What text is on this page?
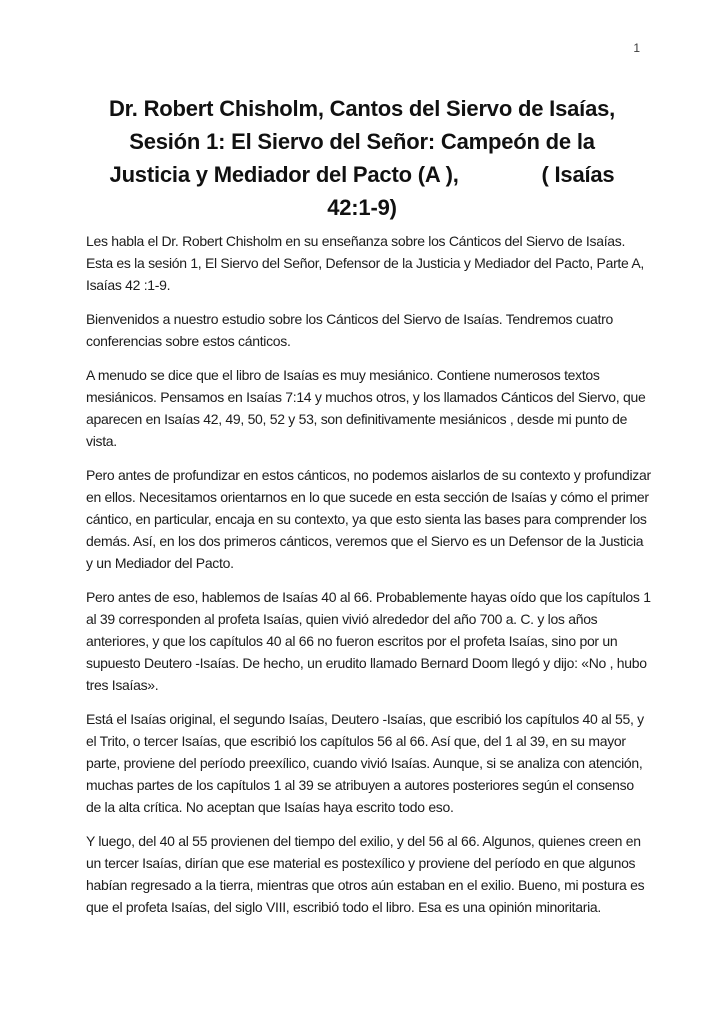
1
Dr. Robert Chisholm, Cantos del Siervo de Isaías,
Sesión 1: El Siervo del Señor: Campeón de la
Justicia y Mediador del Pacto (A ),              ( Isaías
42:1-9)

Les habla el Dr. Robert Chisholm en su enseñanza sobre los Cánticos del Siervo de Isaías. Esta es la sesión 1, El Siervo del Señor, Defensor de la Justicia y Mediador del Pacto, Parte A, Isaías 42 :1-9.

Bienvenidos a nuestro estudio sobre los Cánticos del Siervo de Isaías. Tendremos cuatro conferencias sobre estos cánticos.

A menudo se dice que el libro de Isaías es muy mesiánico. Contiene numerosos textos mesiánicos. Pensamos en Isaías 7:14 y muchos otros, y los llamados Cánticos del Siervo, que aparecen en Isaías 42, 49, 50, 52 y 53, son definitivamente mesiánicos , desde mi punto de vista.

Pero antes de profundizar en estos cánticos, no podemos aislarlos de su contexto y profundizar en ellos. Necesitamos orientarnos en lo que sucede en esta sección de Isaías y cómo el primer cántico, en particular, encaja en su contexto, ya que esto sienta las bases para comprender los demás. Así, en los dos primeros cánticos, veremos que el Siervo es un Defensor de la Justicia y un Mediador del Pacto.

Pero antes de eso, hablemos de Isaías 40 al 66. Probablemente hayas oído que los capítulos 1 al 39 corresponden al profeta Isaías, quien vivió alrededor del año 700 a. C. y los años anteriores, y que los capítulos 40 al 66 no fueron escritos por el profeta Isaías, sino por un supuesto Deutero -Isaías. De hecho, un erudito llamado Bernard Doom llegó y dijo: «No , hubo tres Isaías».

Está el Isaías original, el segundo Isaías, Deutero -Isaías, que escribió los capítulos 40 al 55, y el Trito, o tercer Isaías, que escribió los capítulos 56 al 66. Así que, del 1 al 39, en su mayor parte, proviene del período preexílico, cuando vivió Isaías. Aunque, si se analiza con atención, muchas partes de los capítulos 1 al 39 se atribuyen a autores posteriores según el consenso de la alta crítica. No aceptan que Isaías haya escrito todo eso.

Y luego, del 40 al 55 provienen del tiempo del exilio, y del 56 al 66. Algunos, quienes creen en un tercer Isaías, dirían que ese material es postexílico y proviene del período en que algunos habían regresado a la tierra, mientras que otros aún estaban en el exilio. Bueno, mi postura es que el profeta Isaías, del siglo VIII, escribió todo el libro. Esa es una opinión minoritaria.
